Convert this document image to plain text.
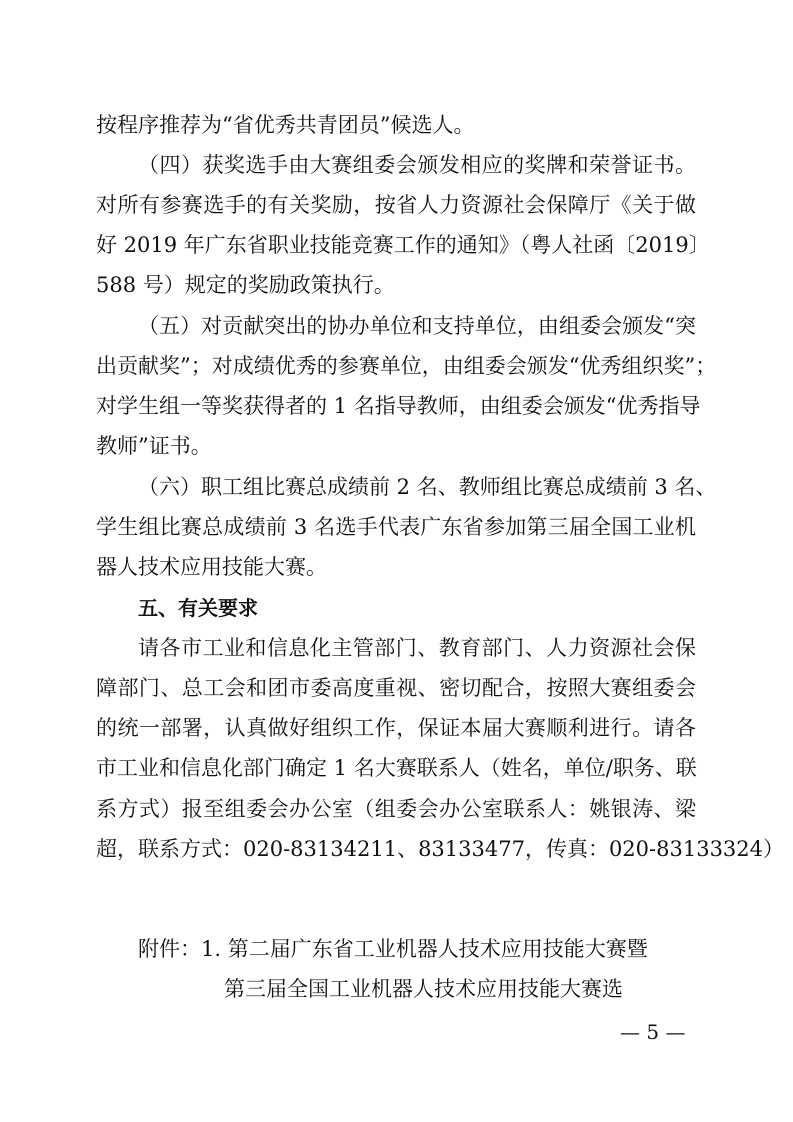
按程序推荐为“省优秀共青团员”候选人。
（四）获奖选手由大赛组委会颁发相应的奖牌和荣誉证书。
对所有参赛选手的有关奖励，按省人力资源社会保障厅《关于做
好 2019 年广东省职业技能竞赛工作的通知》（粤人社函〔2019〕
588 号）规定的奖励政策执行。
（五）对贡献突出的协办单位和支持单位，由组委会颁发“突
出贡献奖”；对成绩优秀的参赛单位，由组委会颁发“优秀组织奖”；
对学生组一等奖获得者的 1 名指导教师，由组委会颁发“优秀指导
教师”证书。
（六）职工组比赛总成绩前 2 名、教师组比赛总成绩前 3 名、
学生组比赛总成绩前 3 名选手代表广东省参加第三届全国工业机
器人技术应用技能大赛。
五、有关要求
请各市工业和信息化主管部门、教育部门、人力资源社会保
障部门、总工会和团市委高度重视、密切配合，按照大赛组委会
的统一部署，认真做好组织工作，保证本届大赛顺利进行。请各
市工业和信息化部门确定 1 名大赛联系人（姓名，单位/职务、联
系方式）报至组委会办公室（组委会办公室联系人：姚银涛、梁
超，联系方式：020-83134211、83133477，传真：020-83133324）
附件：1. 第二届广东省工业机器人技术应用技能大赛暨
第三届全国工业机器人技术应用技能大赛选
— 5 —
